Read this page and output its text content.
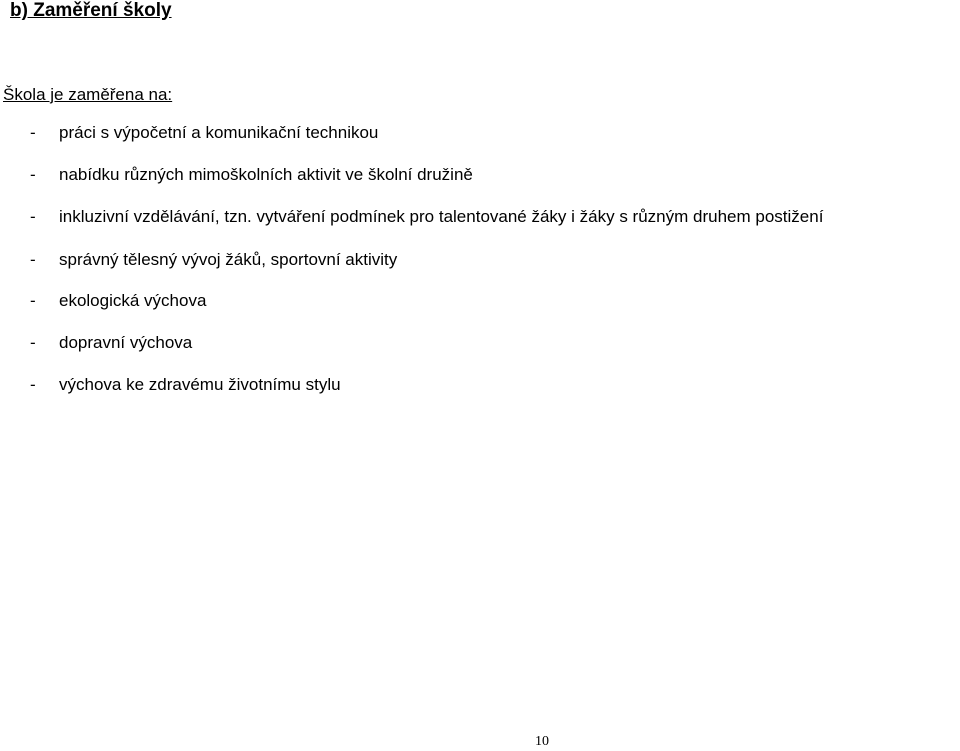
b) Zaměření školy

Škola je zaměřena na:

- práci s výpočetní a komunikační technikou
- nabídku různých mimoškolních aktivit ve školní družině
- inkluzivní vzdělávání, tzn. vytváření podmínek pro talentované žáky i žáky s různým druhem postižení
- správný tělesný vývoj žáků, sportovní aktivity
- ekologická výchova
- dopravní výchova
- výchova ke zdravému životnímu stylu
10
